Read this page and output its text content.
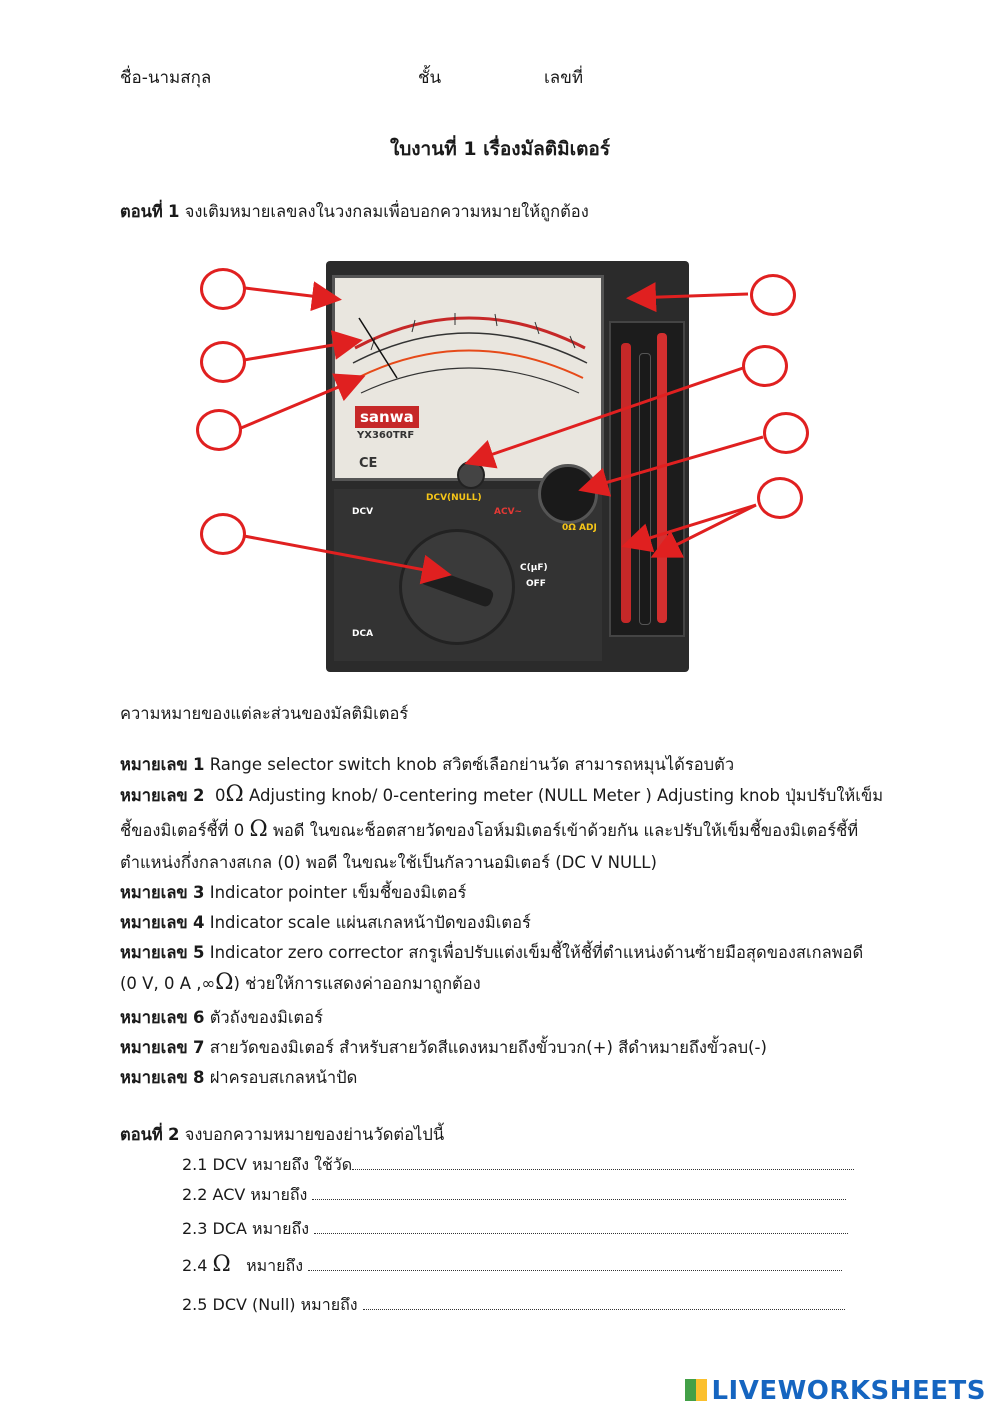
ชื่อ-นามสกุล	ชั้น	เลขที่
ใบงานที่ 1 เรื่องมัลติมิเตอร์
ตอนที่ 1 จงเติมหมายเลขลงในวงกลมเพื่อบอกความหมายให้ถูกต้อง
sanwa
YX360TRF
CE
DCV
DCV(NULL)
ACV~
DCA
C(µF)
OFF
0Ω ADJ
ความหมายของแต่ละส่วนของมัลติมิเตอร์
หมายเลข 1 Range selector switch knob สวิตซ์เลือกย่านวัด สามารถหมุนได้รอบตัว
หมายเลข 2 0Ω Adjusting knob/ 0-centering meter (NULL Meter ) Adjusting knob ปุ่มปรับให้เข็ม
ชี้ของมิเตอร์ชี้ที่ 0 Ω พอดี ในขณะช็อตสายวัดของโอห์มมิเตอร์เข้าด้วยกัน และปรับให้เข็มชี้ของมิเตอร์ชี้ที่
ตำแหน่งกึ่งกลางสเกล (0) พอดี ในขณะใช้เป็นกัลวานอมิเตอร์ (DC V NULL)
หมายเลข 3 Indicator pointer เข็มชี้ของมิเตอร์
หมายเลข 4 Indicator scale แผ่นสเกลหน้าปัดของมิเตอร์
หมายเลข 5 Indicator zero corrector สกรูเพื่อปรับแต่งเข็มชี้ให้ชี้ที่ตำแหน่งด้านซ้ายมือสุดของสเกลพอดี
(0 V, 0 A ,∞Ω) ช่วยให้การแสดงค่าออกมาถูกต้อง
หมายเลข 6 ตัวถังของมิเตอร์
หมายเลข 7 สายวัดของมิเตอร์ สำหรับสายวัดสีแดงหมายถึงขั้วบวก(+) สีดำหมายถึงขั้วลบ(-)
หมายเลข 8 ฝาครอบสเกลหน้าปัด
ตอนที่ 2 จงบอกความหมายของย่านวัดต่อไปนี้
2.1 DCV หมายถึง ใช้วัด
2.2 ACV หมายถึง
2.3 DCA หมายถึง
2.4 Ω หมายถึง
2.5 DCV (Null) หมายถึง
LIVEWORKSHEETS
